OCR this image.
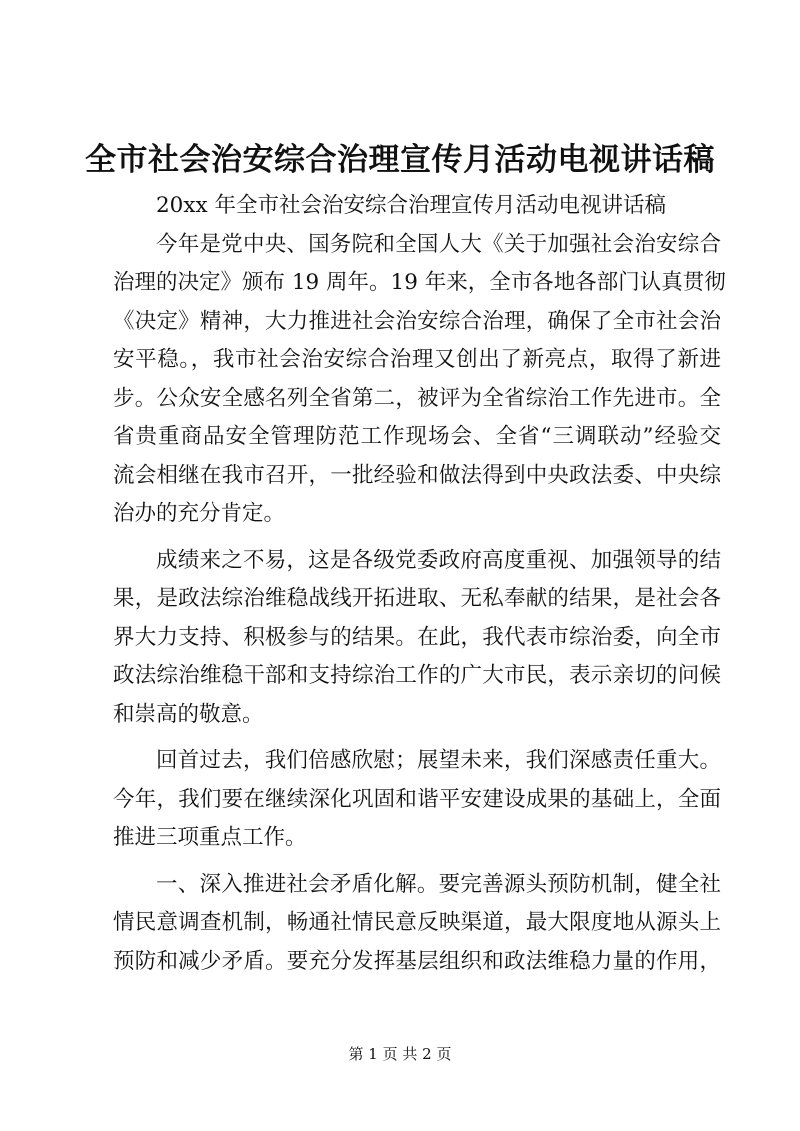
全市社会治安综合治理宣传月活动电视讲话稿
20xx 年全市社会治安综合治理宣传月活动电视讲话稿
今年是党中央、国务院和全国人大《关于加强社会治安综合
治理的决定》颁布 19 周年。19 年来，全市各地各部门认真贯彻
《决定》精神，大力推进社会治安综合治理，确保了全市社会治
安平稳。，我市社会治安综合治理又创出了新亮点，取得了新进
步。公众安全感名列全省第二，被评为全省综治工作先进市。全
省贵重商品安全管理防范工作现场会、全省“三调联动”经验交
流会相继在我市召开，一批经验和做法得到中央政法委、中央综
治办的充分肯定。
成绩来之不易，这是各级党委政府高度重视、加强领导的结
果，是政法综治维稳战线开拓进取、无私奉献的结果，是社会各
界大力支持、积极参与的结果。在此，我代表市综治委，向全市
政法综治维稳干部和支持综治工作的广大市民，表示亲切的问候
和崇高的敬意。
回首过去，我们倍感欣慰；展望未来，我们深感责任重大。
今年，我们要在继续深化巩固和谐平安建设成果的基础上，全面
推进三项重点工作。
一、深入推进社会矛盾化解。要完善源头预防机制，健全社
情民意调查机制，畅通社情民意反映渠道，最大限度地从源头上
预防和减少矛盾。要充分发挥基层组织和政法维稳力量的作用，
第 1 页 共 2 页
